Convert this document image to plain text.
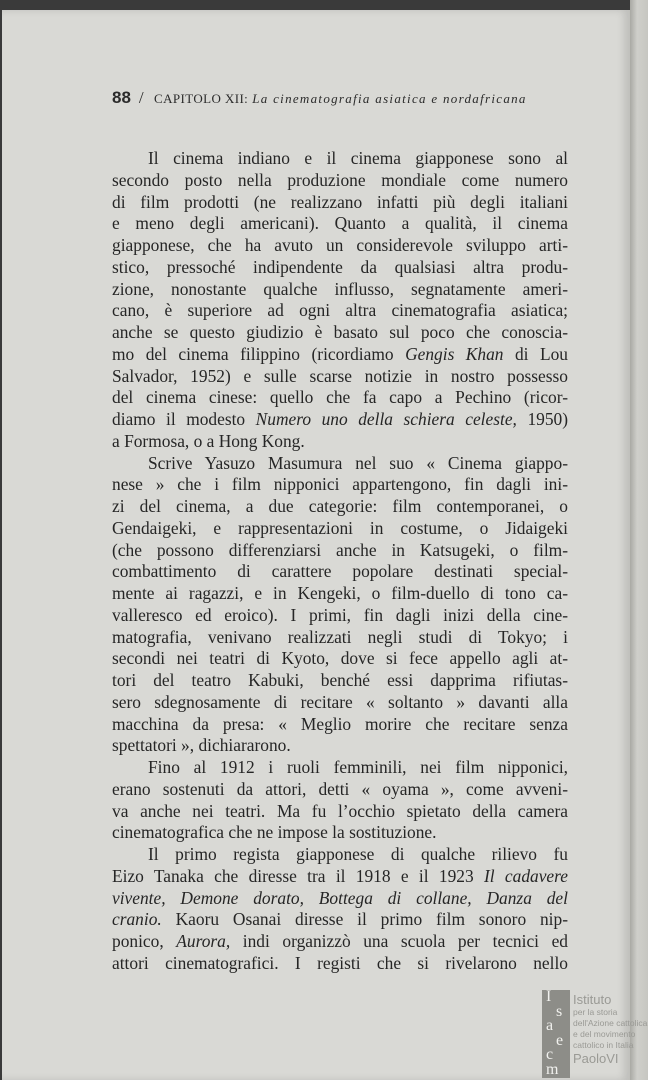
88 / CAPITOLO XII: La cinematografia asiatica e nordafricana
Il cinema indiano e il cinema giapponese sono al
secondo posto nella produzione mondiale come numero
di film prodotti (ne realizzano infatti più degli italiani
e meno degli americani). Quanto a qualità, il cinema
giapponese, che ha avuto un considerevole sviluppo arti-
stico, pressoché indipendente da qualsiasi altra produ-
zione, nonostante qualche influsso, segnatamente ameri-
cano, è superiore ad ogni altra cinematografia asiatica;
anche se questo giudizio è basato sul poco che conoscia-
mo del cinema filippino (ricordiamo Gengis Khan di Lou
Salvador, 1952) e sulle scarse notizie in nostro possesso
del cinema cinese: quello che fa capo a Pechino (ricor-
diamo il modesto Numero uno della schiera celeste, 1950)
a Formosa, o a Hong Kong.
Scrive Yasuzo Masumura nel suo « Cinema giappo-
nese » che i film nipponici appartengono, fin dagli ini-
zi del cinema, a due categorie: film contemporanei, o
Gendaigeki, e rappresentazioni in costume, o Jidaigeki
(che possono differenziarsi anche in Katsugeki, o film-
combattimento di carattere popolare destinati special-
mente ai ragazzi, e in Kengeki, o film-duello di tono ca-
valleresco ed eroico). I primi, fin dagli inizi della cine-
matografia, venivano realizzati negli studi di Tokyo; i
secondi nei teatri di Kyoto, dove si fece appello agli at-
tori del teatro Kabuki, benché essi dapprima rifiutas-
sero sdegnosamente di recitare « soltanto » davanti alla
macchina da presa: « Meglio morire che recitare senza
spettatori », dichiararono.
Fino al 1912 i ruoli femminili, nei film nipponici,
erano sostenuti da attori, detti « oyama », come avveni-
va anche nei teatri. Ma fu l’occhio spietato della camera
cinematografica che ne impose la sostituzione.
Il primo regista giapponese di qualche rilievo fu
Eizo Tanaka che diresse tra il 1918 e il 1923 Il cadavere
vivente, Demone dorato, Bottega di collane, Danza del
cranio. Kaoru Osanai diresse il primo film sonoro nip-
ponico, Aurora, indi organizzò una scuola per tecnici ed
attori cinematografici. I registi che si rivelarono nello
I
s
a
e
c
m
Istituto
per la storia
dell'Azione cattolica
e del movimento
cattolico in Italia
PaoloVI
